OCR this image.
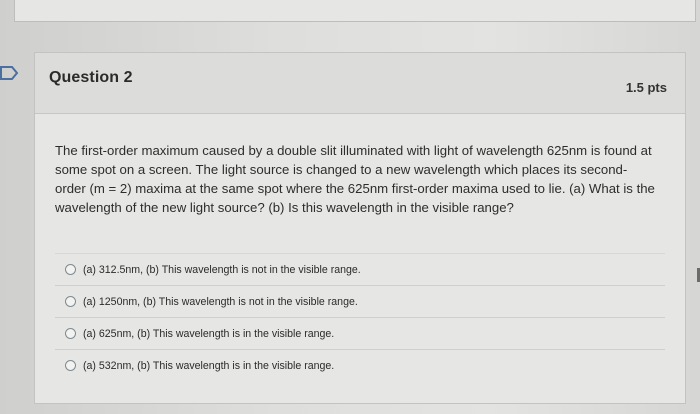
Question 2
1.5 pts
The first-order maximum caused by a double slit illuminated with light of wavelength 625nm is found at some spot on a screen. The light source is changed to a new wavelength which places its second-order (m = 2) maxima at the same spot where the 625nm first-order maxima used to lie. (a) What is the wavelength of the new light source? (b) Is this wavelength in the visible range?
(a) 312.5nm, (b) This wavelength is not in the visible range.
(a) 1250nm, (b) This wavelength is not in the visible range.
(a) 625nm, (b) This wavelength is in the visible range.
(a) 532nm, (b) This wavelength is in the visible range.
